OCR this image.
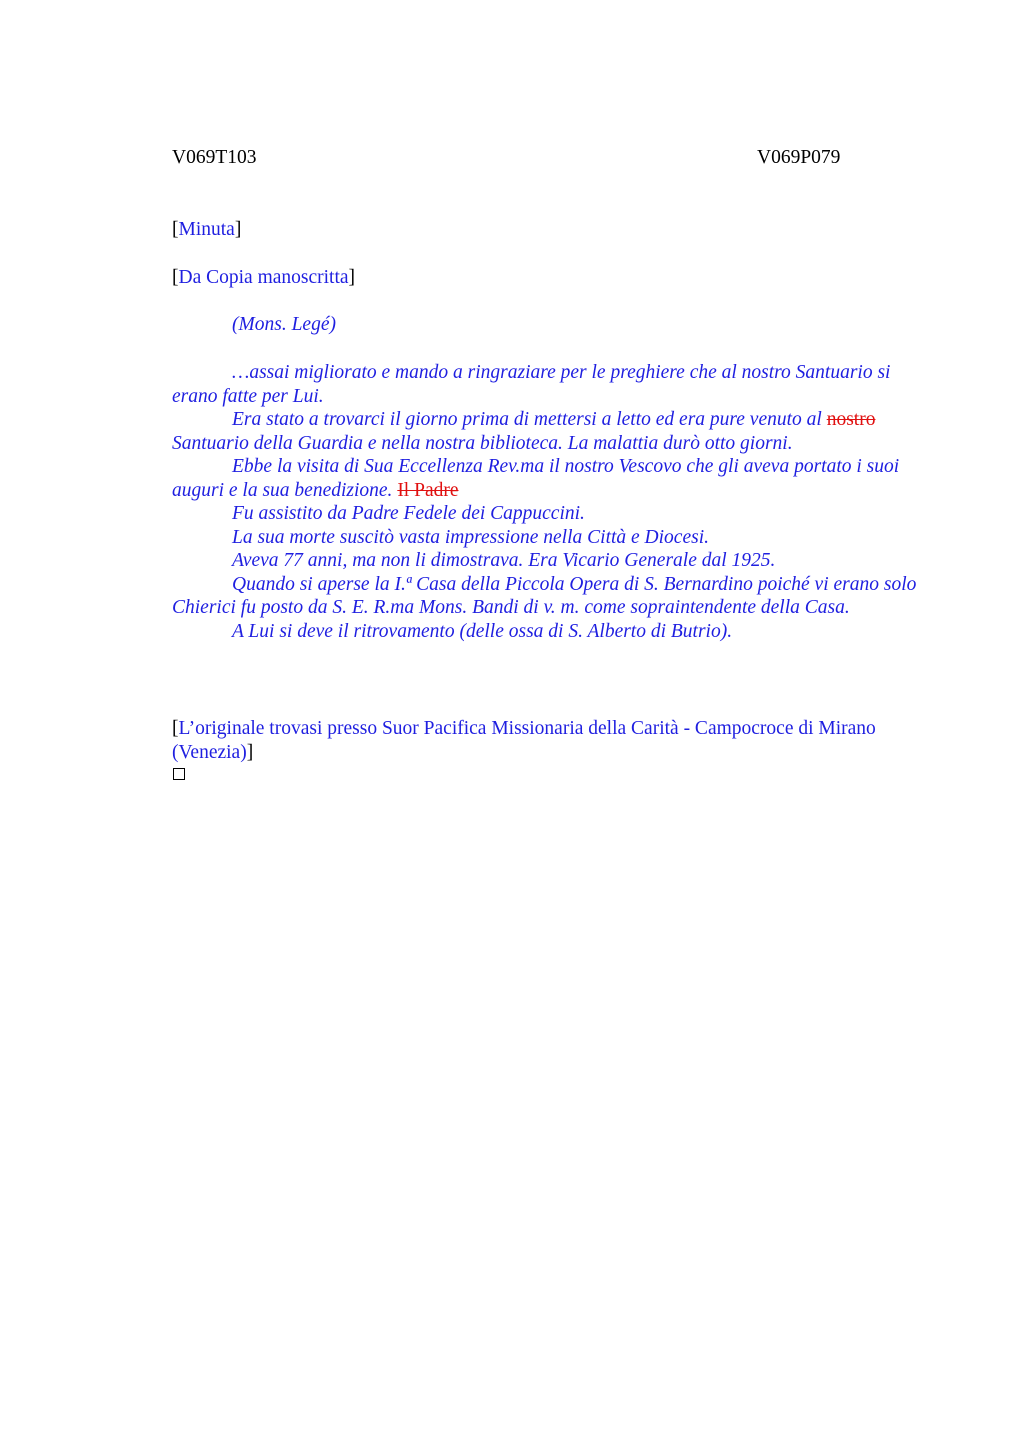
V069T103	V069P079
[Minuta]
[Da Copia manoscritta]
(Mons. Legé)

…assai migliorato e mando a ringraziare per le preghiere che al nostro Santuario si erano fatte per Lui.

Era stato a trovarci il giorno prima di mettersi a letto ed era pure venuto al nostro Santuario della Guardia e nella nostra biblioteca. La malattia durò otto giorni.

Ebbe la visita di Sua Eccellenza Rev.ma il nostro Vescovo che gli aveva portato i suoi auguri e la sua benedizione. Il Padre

Fu assistito da Padre Fedele dei Cappuccini.

La sua morte suscitò vasta impressione nella Città e Diocesi.

Aveva 77 anni, ma non li dimostrava. Era Vicario Generale dal 1925.

Quando si aperse la I.ª Casa della Piccola Opera di S. Bernardino poiché vi erano solo Chierici fu posto da S. E. R.ma Mons. Bandi di v. m. come sopraintendente della Casa.

A Lui si deve il ritrovamento (delle ossa di S. Alberto di Butrio).

[L’originale trovasi presso Suor Pacifica Missionaria della Carità - Campocroce di Mirano (Venezia)]
